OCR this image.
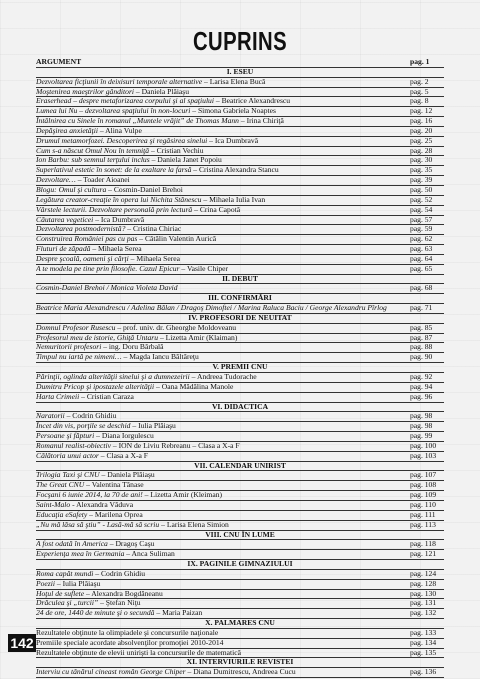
CUPRINS
ARGUMENT	pag. 1
I. ESEU
Dezvoltarea ficţiunii în deixisuri temporale alternative – Larisa Elena Bucă	pag. 2
Moştenirea maeştrilor gânditori – Daniela Plăiaşu	pag. 5
Eraserhead – despre metaforizarea corpului şi al spaţiului – Beatrice Alexandrescu	pag. 8
Lumea lui Nu – dezvoltarea spaţiului în non-locuri – Simona Gabriela Noaptes	pag. 12
Întâlnirea cu Sinele în romanul „Muntele vrăjit” de Thomas Mann – Irina Chiriţă	pag. 16
Depăşirea anxietăţii – Alina Vulpe	pag. 20
Drumul metamorfozei. Descoperirea şi regăsirea sinelui – Ica Dumbravă	pag. 25
Cum s-a născut Omul Nou în temniţă – Cristian Vechiu	pag. 28
Ion Barbu: sub semnul terţului inclus – Daniela Janet Popoiu	pag. 30
Superlativul estetic în sonet: de la exaltare la farsă – Cristina Alexandra Stancu	pag. 35
Dezvoltare… – Toader Aioanei	pag. 39
Blogu: Omul şi cultura – Cosmin-Daniel Brehoi	pag. 50
Legătura creator-creaţie în opera lui Nichita Stănescu – Mihaela Iulia Ivan	pag. 52
Vârstele lecturii. Dezvoltare personală prin lectură – Crina Capotă	pag. 54
Căutarea vegeticei – Ica Dumbravă	pag. 57
Dezvoltarea postmodernistă? – Cristina Chiriac	pag. 59
Construirea României pas cu pas – Cătălin Valentin Aurică	pag. 62
Fluturi de zăpadă – Mihaela Serea	pag. 63
Despre şcoală, oameni şi cărţi – Mihaela Serea	pag. 64
A te modela pe tine prin filosofie. Cazul Epicur – Vasile Chiper	pag. 65
II. DEBUT
Cosmin-Daniel Brehoi / Monica Violeta David	pag. 68
III. CONFIRMĂRI
Beatrice Maria Alexandrescu / Adelina Bălan / Dragoş Dimoftei / Marina Raluca Baciu / George Alexandru Pîrlog	pag. 71
IV. PROFESORI DE NEUITAT
Domnul Profesor Rusescu – prof. univ. dr. Gheorghe Moldoveanu	pag. 85
Profesorul meu de istorie, Ghiţă Untaru – Lizetta Amir (Klaiman)	pag. 87
Nemuritorii profesori – ing. Doru Bărbală	pag. 88
Timpul nu iartă pe nimeni… – Magda Iancu Băltăreţu	pag. 90
V. PREMII CNU
Părinţii, oglinda alterităţii sinelui şi a dumnezeirii – Andreea Tudorache	pag. 92
Dumitru Pricop şi ipostazele alterităţii – Oana Mădălina Manole	pag. 94
Harta Crimeii – Cristian Caraza	pag. 96
VI. DIDACTICA
Naratorii – Codrin Ghidiu	pag. 98
Încet din vis, porţile se deschid – Iulia Plăiaşu	pag. 98
Persoane şi făpturi – Diana Iorgulescu	pag. 99
Romanul realist-obiectiv – ION de Liviu Rebreanu – Clasa a X-a F	pag. 100
Călătoria unui actor – Clasa a X-a F	pag. 103
VII. CALENDAR UNIRIST
Trilogia Taxi şi CNU – Daniela Plăiaşu	pag. 107
The Great CNU – Valentina Tănase	pag. 108
Focşani 6 iunie 2014, la 70 de ani! – Lizetta Amir (Kleiman)	pag. 109
Saint-Malo - Alexandra Văduva	pag. 110
Educaţia eSafety – Marilena Oprea	pag. 111
„Nu mă lăsa să ştiu” - Lasă-mă să scriu – Larisa Elena Simion	pag. 113
VIII. CNU ÎN LUME
A fost odată în America – Dragoş Caşu	pag. 118
Experienţa mea în Germania – Anca Suliman	pag. 121
IX. PAGINILE GIMNAZIULUI
Roma capăt mundi – Codrin Ghidiu	pag. 124
Poezii – Iulia Plăiaşu	pag. 128
Hoţul de suflete – Alexandra Bogdăneanu	pag. 130
Drăculea şi „turcii” – Ştefan Niţu	pag. 131
24 de ore, 1440 de minute şi o secundă – Maria Paizan	pag. 132
X. PALMARES CNU
Rezultatele obţinute la olimpiadele şi concursurile naţionale	pag. 133
Premiile speciale acordate absolvenţilor promoţiei 2010-2014	pag. 134
Rezultatele obţinute de elevii unirişti la concursurile de matematică	pag. 135
XI. INTERVIURILE REVISTEI
Interviu cu tânărul cineast român George Chiper – Diana Dumitrescu, Andreea Cucu	pag. 136
142
